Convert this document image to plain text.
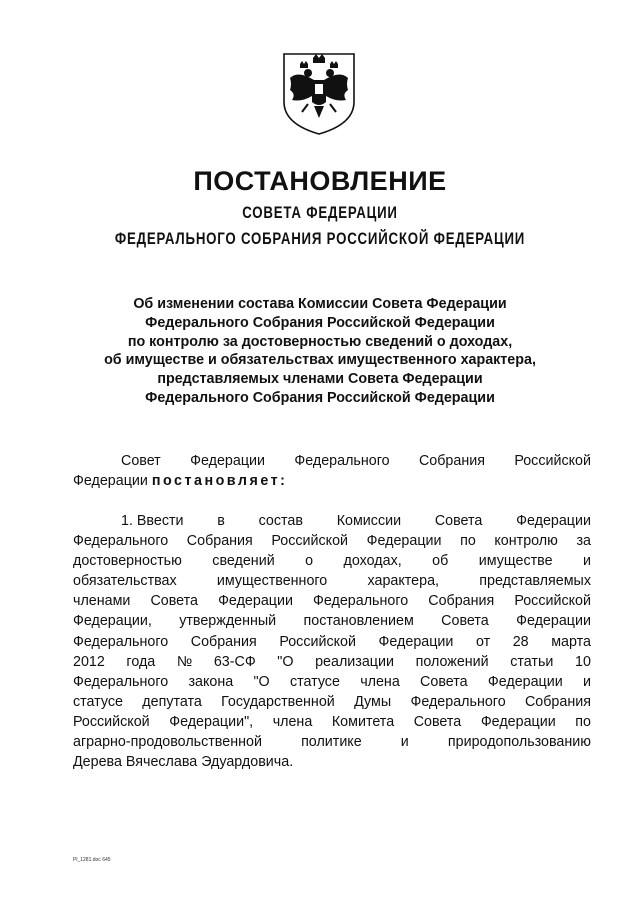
ПОСТАНОВЛЕНИЕ
СОВЕТА ФЕДЕРАЦИИ
ФЕДЕРАЛЬНОГО СОБРАНИЯ РОССИЙСКОЙ ФЕДЕРАЦИИ
Об изменении состава Комиссии Совета Федерации
Федерального Собрания Российской Федерации
по контролю за достоверностью сведений о доходах,
об имуществе и обязательствах имущественного характера,
представляемых членами Совета Федерации
Федерального Собрания Российской Федерации
Совет Федерации Федерального Собрания Российской
Федерации
постановляет:
1. Ввести в состав Комиссии Совета Федерации
Федерального Собрания Российской Федерации по контролю за
достоверностью сведений о доходах, об имуществе и
обязательствах	имущественного	характера,	представляемых
членами Совета Федерации Федерального Собрания Российской
Федерации, утвержденный постановлением Совета Федерации
Федерального Собрания Российской Федерации от 28 марта
2012 года № 63-СФ "О реализации положений статьи 10
Федерального закона "О статусе члена Совета Федерации и
статусе депутата Государственной Думы Федерального Собрания
Российской Федерации", члена Комитета Совета Федерации по
аграрно-продовольственной	политике	и	природопользованию
Дерева Вячеслава Эдуардовича.
Pl_1281.doc 645
